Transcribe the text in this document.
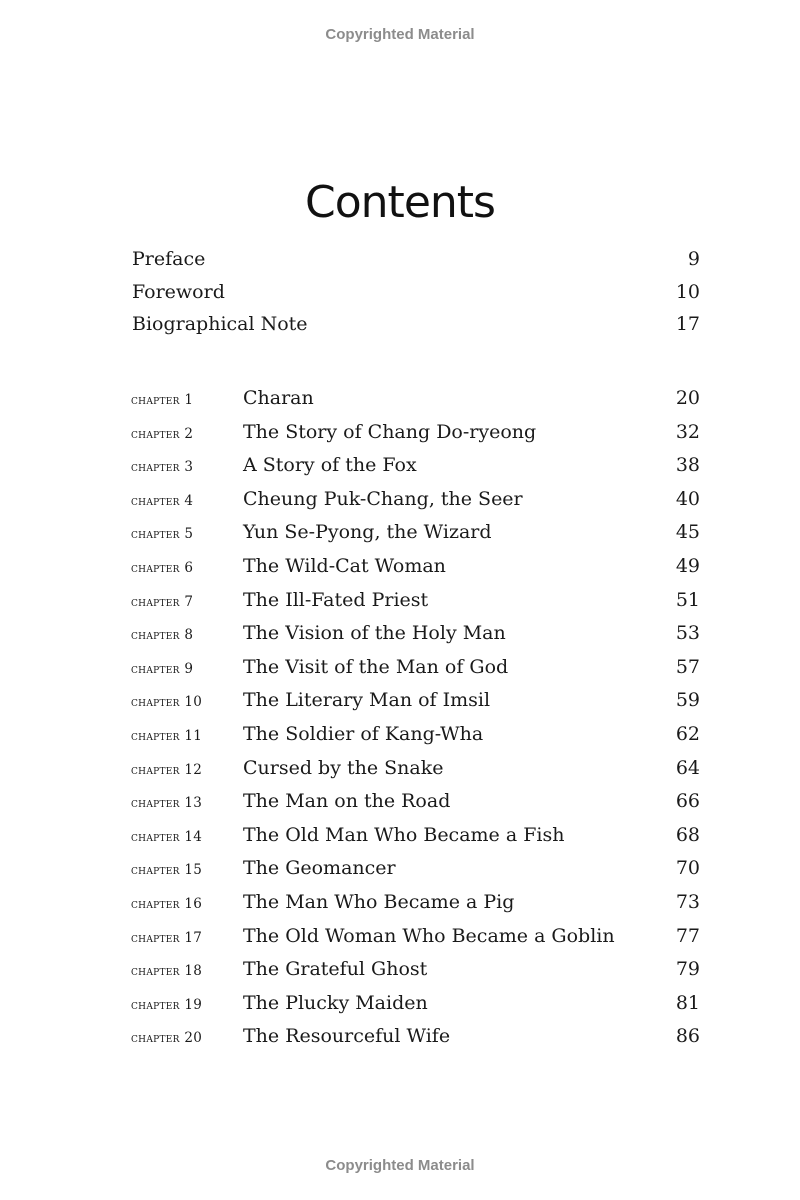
Copyrighted Material
Contents
Preface	9
Foreword	10
Biographical Note	17
chapter 1	Charan	20
chapter 2	The Story of Chang Do-ryeong	32
chapter 3	A Story of the Fox	38
chapter 4	Cheung Puk-Chang, the Seer	40
chapter 5	Yun Se-Pyong, the Wizard	45
chapter 6	The Wild-Cat Woman	49
chapter 7	The Ill-Fated Priest	51
chapter 8	The Vision of the Holy Man	53
chapter 9	The Visit of the Man of God	57
chapter 10	The Literary Man of Imsil	59
chapter 11	The Soldier of Kang-Wha	62
chapter 12	Cursed by the Snake	64
chapter 13	The Man on the Road	66
chapter 14	The Old Man Who Became a Fish	68
chapter 15	The Geomancer	70
chapter 16	The Man Who Became a Pig	73
chapter 17	The Old Woman Who Became a Goblin	77
chapter 18	The Grateful Ghost	79
chapter 19	The Plucky Maiden	81
chapter 20	The Resourceful Wife	86
Copyrighted Material
